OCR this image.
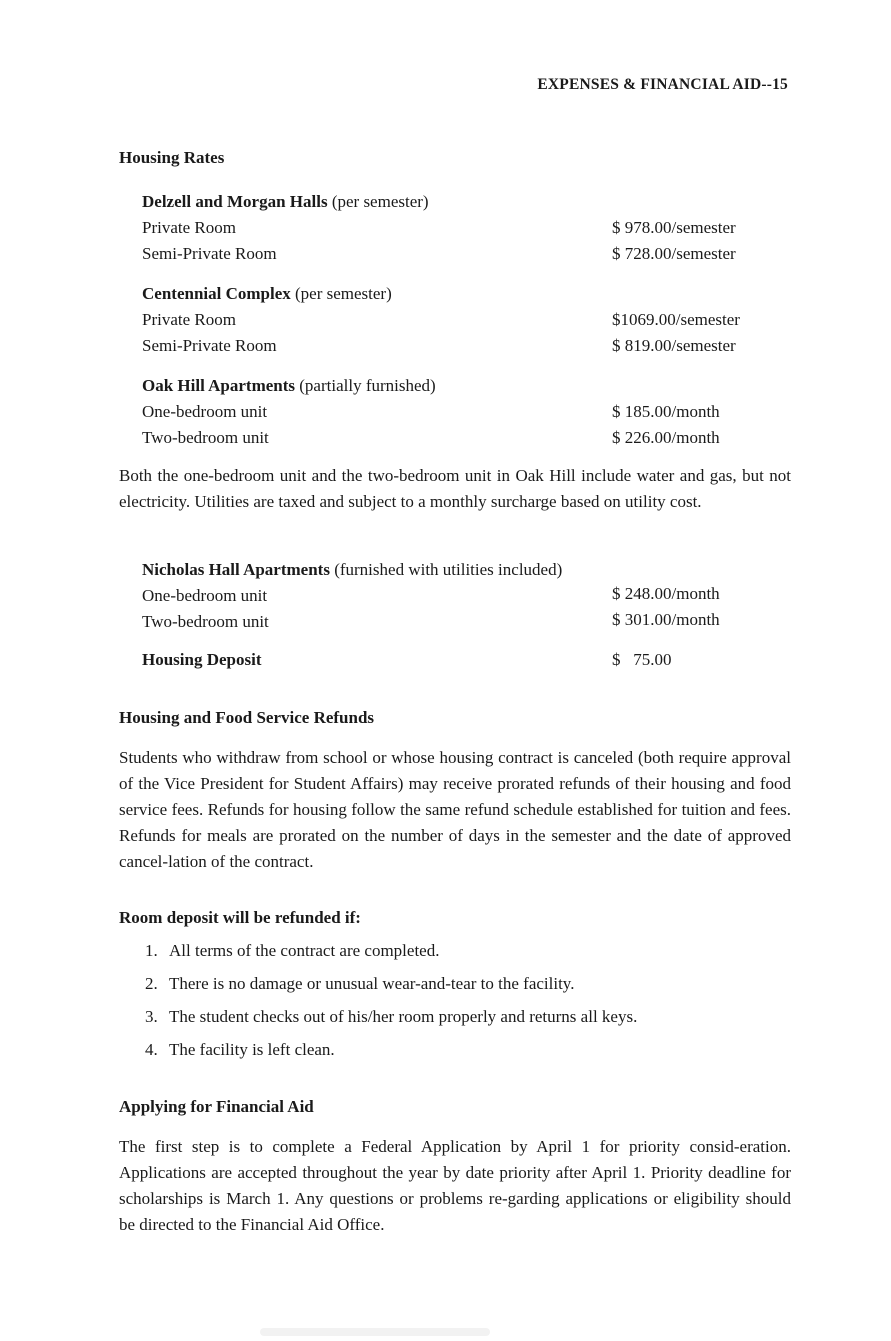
EXPENSES & FINANCIAL AID--15
Housing Rates
Delzell and Morgan Halls (per semester)
Private Room	$ 978.00/semester
Semi-Private Room	$ 728.00/semester
Centennial Complex (per semester)
Private Room	$1069.00/semester
Semi-Private Room	$ 819.00/semester
Oak Hill Apartments (partially furnished)
One-bedroom unit	$ 185.00/month
Two-bedroom unit	$ 226.00/month
Both the one-bedroom unit and the two-bedroom unit in Oak Hill include water and gas, but not electricity. Utilities are taxed and subject to a monthly surcharge based on utility cost.
Nicholas Hall Apartments (furnished with utilities included)
One-bedroom unit	$ 248.00/month
Two-bedroom unit	$ 301.00/month
Housing Deposit	$   75.00
Housing and Food Service Refunds
Students who withdraw from school or whose housing contract is canceled (both require approval of the Vice President for Student Affairs) may receive prorated refunds of their housing and food service fees. Refunds for housing follow the same refund schedule established for tuition and fees. Refunds for meals are prorated on the number of days in the semester and the date of approved cancel-lation of the contract.
Room deposit will be refunded if:
1. All terms of the contract are completed.
2. There is no damage or unusual wear-and-tear to the facility.
3. The student checks out of his/her room properly and returns all keys.
4. The facility is left clean.
Applying for Financial Aid
The first step is to complete a Federal Application by April 1 for priority consid-eration. Applications are accepted throughout the year by date priority after April 1. Priority deadline for scholarships is March 1. Any questions or problems re-garding applications or eligibility should be directed to the Financial Aid Office.
